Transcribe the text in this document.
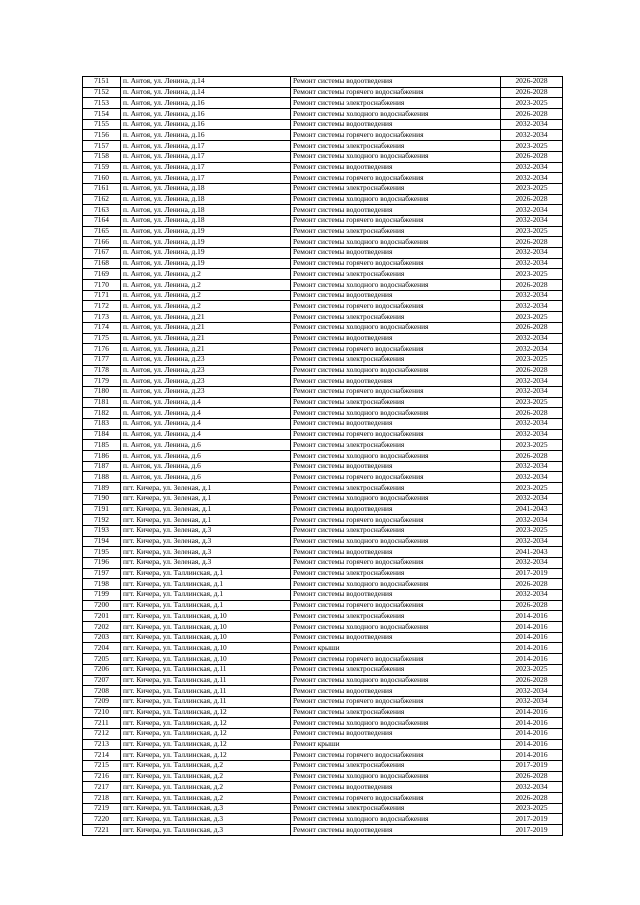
7151	п. Антоя, ул. Ленина, д.14	Ремонт системы водоотведения	2026-2028
7152	п. Антоя, ул. Ленина, д.14	Ремонт системы горячего водоснабжения	2026-2028
7153	п. Антоя, ул. Ленина, д.16	Ремонт системы электроснабжения	2023-2025
7154	п. Антоя, ул. Ленина, д.16	Ремонт системы холодного водоснабжения	2026-2028
7155	п. Антоя, ул. Ленина, д.16	Ремонт системы водоотведения	2032-2034
7156	п. Антоя, ул. Ленина, д.16	Ремонт системы горячего водоснабжения	2032-2034
7157	п. Антоя, ул. Ленина, д.17	Ремонт системы электроснабжения	2023-2025
7158	п. Антоя, ул. Ленина, д.17	Ремонт системы холодного водоснабжения	2026-2028
7159	п. Антоя, ул. Ленина, д.17	Ремонт системы водоотведения	2032-2034
7160	п. Антоя, ул. Ленина, д.17	Ремонт системы горячего водоснабжения	2032-2034
7161	п. Антоя, ул. Ленина, д.18	Ремонт системы электроснабжения	2023-2025
7162	п. Антоя, ул. Ленина, д.18	Ремонт системы холодного водоснабжения	2026-2028
7163	п. Антоя, ул. Ленина, д.18	Ремонт системы водоотведения	2032-2034
7164	п. Антоя, ул. Ленина, д.18	Ремонт системы горячего водоснабжения	2032-2034
7165	п. Антоя, ул. Ленина, д.19	Ремонт системы электроснабжения	2023-2025
7166	п. Антоя, ул. Ленина, д.19	Ремонт системы холодного водоснабжения	2026-2028
7167	п. Антоя, ул. Ленина, д.19	Ремонт системы водоотведения	2032-2034
7168	п. Антоя, ул. Ленина, д.19	Ремонт системы горячего водоснабжения	2032-2034
7169	п. Антоя, ул. Ленина, д.2	Ремонт системы электроснабжения	2023-2025
7170	п. Антоя, ул. Ленина, д.2	Ремонт системы холодного водоснабжения	2026-2028
7171	п. Антоя, ул. Ленина, д.2	Ремонт системы водоотведения	2032-2034
7172	п. Антоя, ул. Ленина, д.2	Ремонт системы горячего водоснабжения	2032-2034
7173	п. Антоя, ул. Ленина, д.21	Ремонт системы электроснабжения	2023-2025
7174	п. Антоя, ул. Ленина, д.21	Ремонт системы холодного водоснабжения	2026-2028
7175	п. Антоя, ул. Ленина, д.21	Ремонт системы водоотведения	2032-2034
7176	п. Антоя, ул. Ленина, д.21	Ремонт системы горячего водоснабжения	2032-2034
7177	п. Антоя, ул. Ленина, д.23	Ремонт системы электроснабжения	2023-2025
7178	п. Антоя, ул. Ленина, д.23	Ремонт системы холодного водоснабжения	2026-2028
7179	п. Антоя, ул. Ленина, д.23	Ремонт системы водоотведения	2032-2034
7180	п. Антоя, ул. Ленина, д.23	Ремонт системы горячего водоснабжения	2032-2034
7181	п. Антоя, ул. Ленина, д.4	Ремонт системы электроснабжения	2023-2025
7182	п. Антоя, ул. Ленина, д.4	Ремонт системы холодного водоснабжения	2026-2028
7183	п. Антоя, ул. Ленина, д.4	Ремонт системы водоотведения	2032-2034
7184	п. Антоя, ул. Ленина, д.4	Ремонт системы горячего водоснабжения	2032-2034
7185	п. Антоя, ул. Ленина, д.6	Ремонт системы электроснабжения	2023-2025
7186	п. Антоя, ул. Ленина, д.6	Ремонт системы холодного водоснабжения	2026-2028
7187	п. Антоя, ул. Ленина, д.6	Ремонт системы водоотведения	2032-2034
7188	п. Антоя, ул. Ленина, д.6	Ремонт системы горячего водоснабжения	2032-2034
7189	пгт. Кичера, ул. Зеленая, д.1	Ремонт системы электроснабжения	2023-2025
7190	пгт. Кичера, ул. Зеленая, д.1	Ремонт системы холодного водоснабжения	2032-2034
7191	пгт. Кичера, ул. Зеленая, д.1	Ремонт системы водоотведения	2041-2043
7192	пгт. Кичера, ул. Зеленая, д.1	Ремонт системы горячего водоснабжения	2032-2034
7193	пгт. Кичера, ул. Зеленая, д.3	Ремонт системы электроснабжения	2023-2025
7194	пгт. Кичера, ул. Зеленая, д.3	Ремонт системы холодного водоснабжения	2032-2034
7195	пгт. Кичера, ул. Зеленая, д.3	Ремонт системы водоотведения	2041-2043
7196	пгт. Кичера, ул. Зеленая, д.3	Ремонт системы горячего водоснабжения	2032-2034
7197	пгт. Кичера, ул. Таллинская, д.1	Ремонт системы электроснабжения	2017-2019
7198	пгт. Кичера, ул. Таллинская, д.1	Ремонт системы холодного водоснабжения	2026-2028
7199	пгт. Кичера, ул. Таллинская, д.1	Ремонт системы водоотведения	2032-2034
7200	пгт. Кичера, ул. Таллинская, д.1	Ремонт системы горячего водоснабжения	2026-2028
7201	пгт. Кичера, ул. Таллинская, д.10	Ремонт системы электроснабжения	2014-2016
7202	пгт. Кичера, ул. Таллинская, д.10	Ремонт системы холодного водоснабжения	2014-2016
7203	пгт. Кичера, ул. Таллинская, д.10	Ремонт системы водоотведения	2014-2016
7204	пгт. Кичера, ул. Таллинская, д.10	Ремонт крыши	2014-2016
7205	пгт. Кичера, ул. Таллинская, д.10	Ремонт системы горячего водоснабжения	2014-2016
7206	пгт. Кичера, ул. Таллинская, д.11	Ремонт системы электроснабжения	2023-2025
7207	пгт. Кичера, ул. Таллинская, д.11	Ремонт системы холодного водоснабжения	2026-2028
7208	пгт. Кичера, ул. Таллинская, д.11	Ремонт системы водоотведения	2032-2034
7209	пгт. Кичера, ул. Таллинская, д.11	Ремонт системы горячего водоснабжения	2032-2034
7210	пгт. Кичера, ул. Таллинская, д.12	Ремонт системы электроснабжения	2014-2016
7211	пгт. Кичера, ул. Таллинская, д.12	Ремонт системы холодного водоснабжения	2014-2016
7212	пгт. Кичера, ул. Таллинская, д.12	Ремонт системы водоотведения	2014-2016
7213	пгт. Кичера, ул. Таллинская, д.12	Ремонт крыши	2014-2016
7214	пгт. Кичера, ул. Таллинская, д.12	Ремонт системы горячего водоснабжения	2014-2016
7215	пгт. Кичера, ул. Таллинская, д.2	Ремонт системы электроснабжения	2017-2019
7216	пгт. Кичера, ул. Таллинская, д.2	Ремонт системы холодного водоснабжения	2026-2028
7217	пгт. Кичера, ул. Таллинская, д.2	Ремонт системы водоотведения	2032-2034
7218	пгт. Кичера, ул. Таллинская, д.2	Ремонт системы горячего водоснабжения	2026-2028
7219	пгт. Кичера, ул. Таллинская, д.3	Ремонт системы электроснабжения	2023-2025
7220	пгт. Кичера, ул. Таллинская, д.3	Ремонт системы холодного водоснабжения	2017-2019
7221	пгт. Кичера, ул. Таллинская, д.3	Ремонт системы водоотведения	2017-2019
